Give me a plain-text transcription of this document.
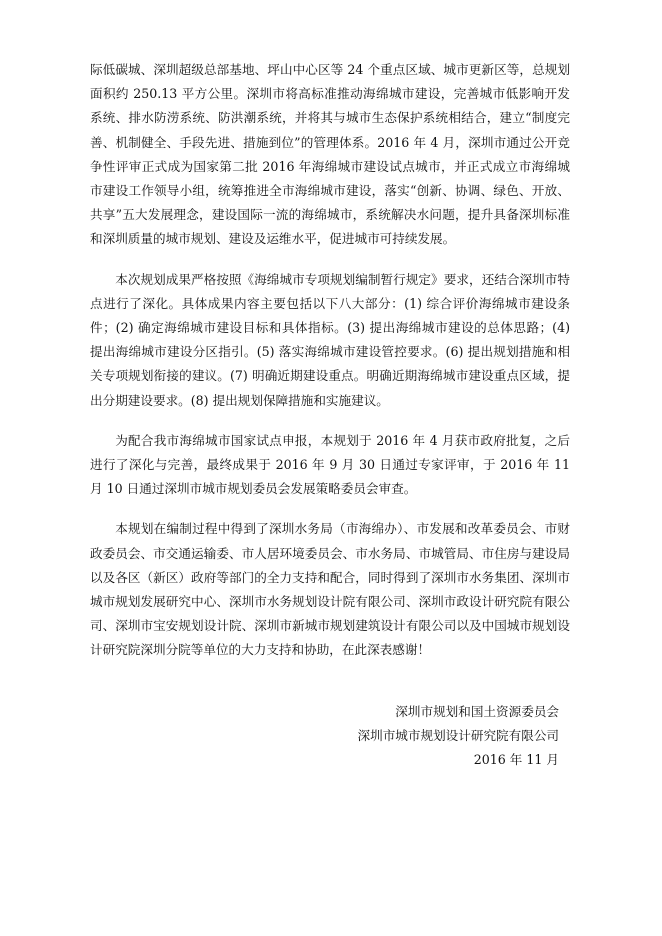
际低碳城、深圳超级总部基地、坪山中心区等 24 个重点区域、城市更新区等，总规划面积约 250.13 平方公里。深圳市将高标准推动海绵城市建设，完善城市低影响开发系统、排水防涝系统、防洪潮系统，并将其与城市生态保护系统相结合，建立“制度完善、机制健全、手段先进、措施到位”的管理体系。2016 年 4 月，深圳市通过公开竞争性评审正式成为国家第二批 2016 年海绵城市建设试点城市，并正式成立市海绵城市建设工作领导小组，统筹推进全市海绵城市建设，落实“创新、协调、绿色、开放、共享”五大发展理念，建设国际一流的海绵城市，系统解决水问题，提升具备深圳标准和深圳质量的城市规划、建设及运维水平，促进城市可持续发展。

本次规划成果严格按照《海绵城市专项规划编制暂行规定》要求，还结合深圳市特点进行了深化。具体成果内容主要包括以下八大部分：(1) 综合评价海绵城市建设条件；(2) 确定海绵城市建设目标和具体指标。(3) 提出海绵城市建设的总体思路；(4) 提出海绵城市建设分区指引。(5) 落实海绵城市建设管控要求。(6) 提出规划措施和相关专项规划衔接的建议。(7) 明确近期建设重点。明确近期海绵城市建设重点区域，提出分期建设要求。(8) 提出规划保障措施和实施建议。

为配合我市海绵城市国家试点申报，本规划于 2016 年 4 月获市政府批复，之后进行了深化与完善，最终成果于 2016 年 9 月 30 日通过专家评审，于 2016 年 11 月 10 日通过深圳市城市规划委员会发展策略委员会审查。

本规划在编制过程中得到了深圳水务局（市海绵办）、市发展和改革委员会、市财政委员会、市交通运输委、市人居环境委员会、市水务局、市城管局、市住房与建设局以及各区（新区）政府等部门的全力支持和配合，同时得到了深圳市水务集团、深圳市城市规划发展研究中心、深圳市水务规划设计院有限公司、深圳市政设计研究院有限公司、深圳市宝安规划设计院、深圳市新城市规划建筑设计有限公司以及中国城市规划设计研究院深圳分院等单位的大力支持和协助，在此深表感谢！

深圳市规划和国土资源委员会
深圳市城市规划设计研究院有限公司
2016 年 11 月
